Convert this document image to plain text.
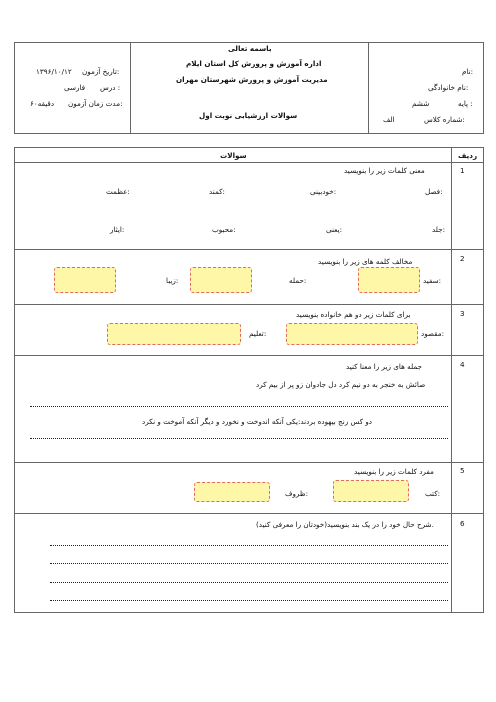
باسمه تعالی
اداره آموزش و پرورش کل استان ایلام
مدیریت آموزش و پرورش شهرستان مهران
سوالات ارزشیابی نوبت اول
نام:
نام خانوادگی:
پایه :
ششم
شماره کلاس:
الف
تاریخ آزمون:
۱۳۹۶/۱۰/۱۲
درس :
فارسی
مدت زمان آزمون:
۶۰دقیقه
ردیف
سوالات
1
معنی کلمات زیر را بنویسید
فصل:
خودبینی:
کمند:
عظمت:
جلد:
یعنی:
محبوب:
ایثار:
2
مخالف کلمه های زیر را بنویسید
سفید:
حمله:
زیبا:
3
برای کلمات زیر دو هم خانواده بنویسید
مقصود:
تعلیم:
4
جمله های زیر را معنا کنید
صائش به خنجر به دو نیم کرد دل جادوان زو پر از بیم کرد
دو کس رنج بیهوده بردند:یکی آنکه اندوخت و نخورد و دیگر آنکه آموخت و نکرد
5
مفرد کلمات زیر را بنویسید
کتب:
ظروف:
6
شرح حال خود را در یک بند بنویسید(خودتان را معرفی کنید).
